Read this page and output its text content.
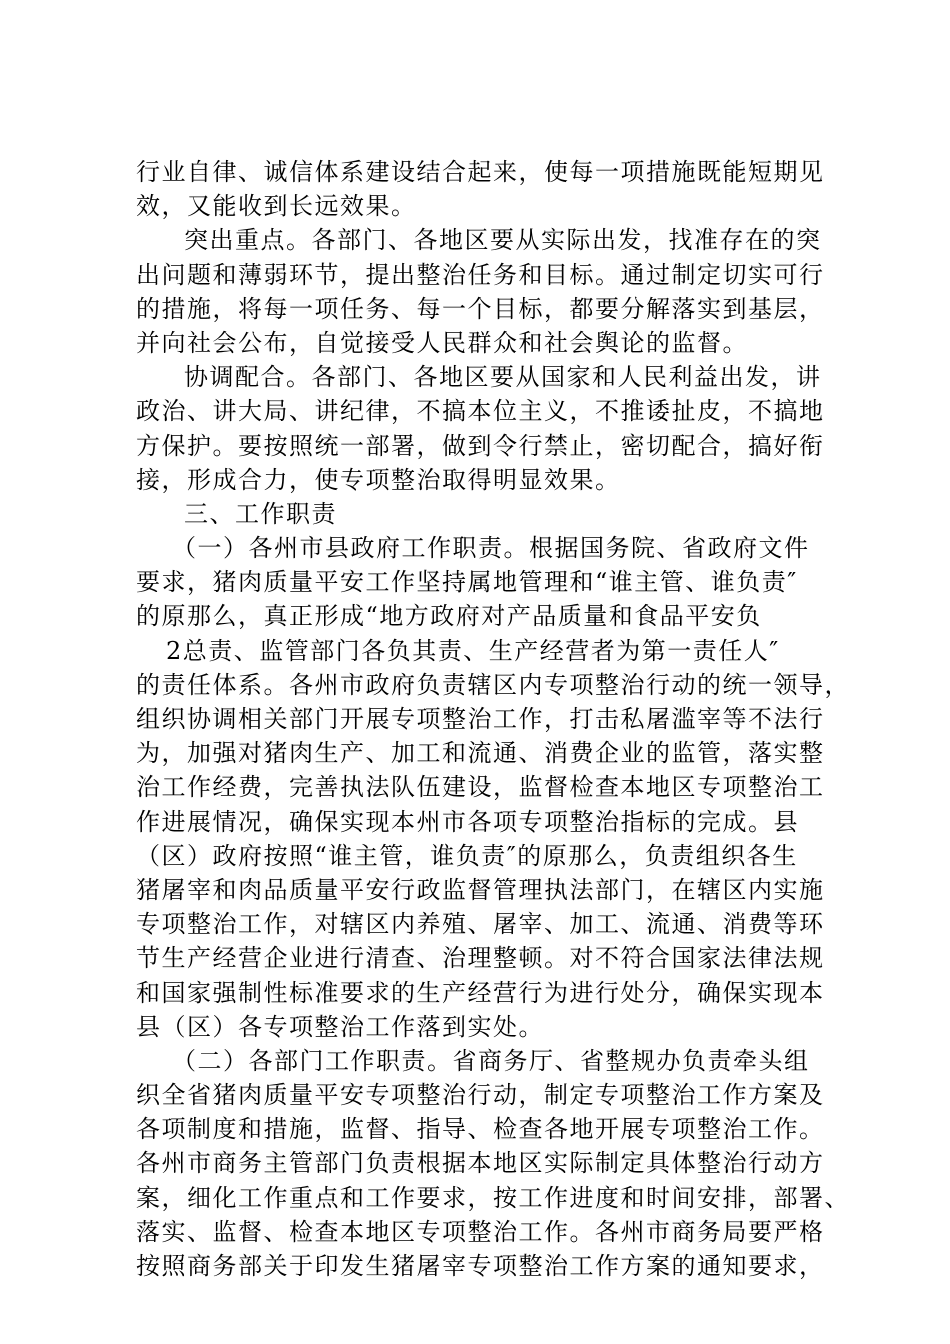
行业自律、诚信体系建设结合起来，使每一项措施既能短期见
效，又能收到长远效果。
突出重点。各部门、各地区要从实际出发，找准存在的突
出问题和薄弱环节，提出整治任务和目标。通过制定切实可行
的措施，将每一项任务、每一个目标，都要分解落实到基层，
并向社会公布，自觉接受人民群众和社会舆论的监督。
协调配合。各部门、各地区要从国家和人民利益出发，讲
政治、讲大局、讲纪律，不搞本位主义，不推诿扯皮，不搞地
方保护。要按照统一部署，做到令行禁止，密切配合，搞好衔
接，形成合力，使专项整治取得明显效果。
三、工作职责
（一）各州市县政府工作职责。根据国务院、省政府文件
要求，猪肉质量平安工作坚持属地管理和“谁主管、谁负责″
的原那么，真正形成“地方政府对产品质量和食品平安负
2总责、监管部门各负其责、生产经营者为第一责任人″
的责任体系。各州市政府负责辖区内专项整治行动的统一领导，
组织协调相关部门开展专项整治工作，打击私屠滥宰等不法行
为，加强对猪肉生产、加工和流通、消费企业的监管，落实整
治工作经费，完善执法队伍建设，监督检查本地区专项整治工
作进展情况，确保实现本州市各项专项整治指标的完成。县
（区）政府按照“谁主管，谁负责″的原那么，负责组织各生
猪屠宰和肉品质量平安行政监督管理执法部门，在辖区内实施
专项整治工作，对辖区内养殖、屠宰、加工、流通、消费等环
节生产经营企业进行清查、治理整顿。对不符合国家法律法规
和国家强制性标准要求的生产经营行为进行处分，确保实现本
县（区）各专项整治工作落到实处。
（二）各部门工作职责。省商务厅、省整规办负责牵头组
织全省猪肉质量平安专项整治行动，制定专项整治工作方案及
各项制度和措施，监督、指导、检查各地开展专项整治工作。
各州市商务主管部门负责根据本地区实际制定具体整治行动方
案，细化工作重点和工作要求，按工作进度和时间安排，部署、
落实、监督、检查本地区专项整治工作。各州市商务局要严格
按照商务部关于印发生猪屠宰专项整治工作方案的通知要求，
